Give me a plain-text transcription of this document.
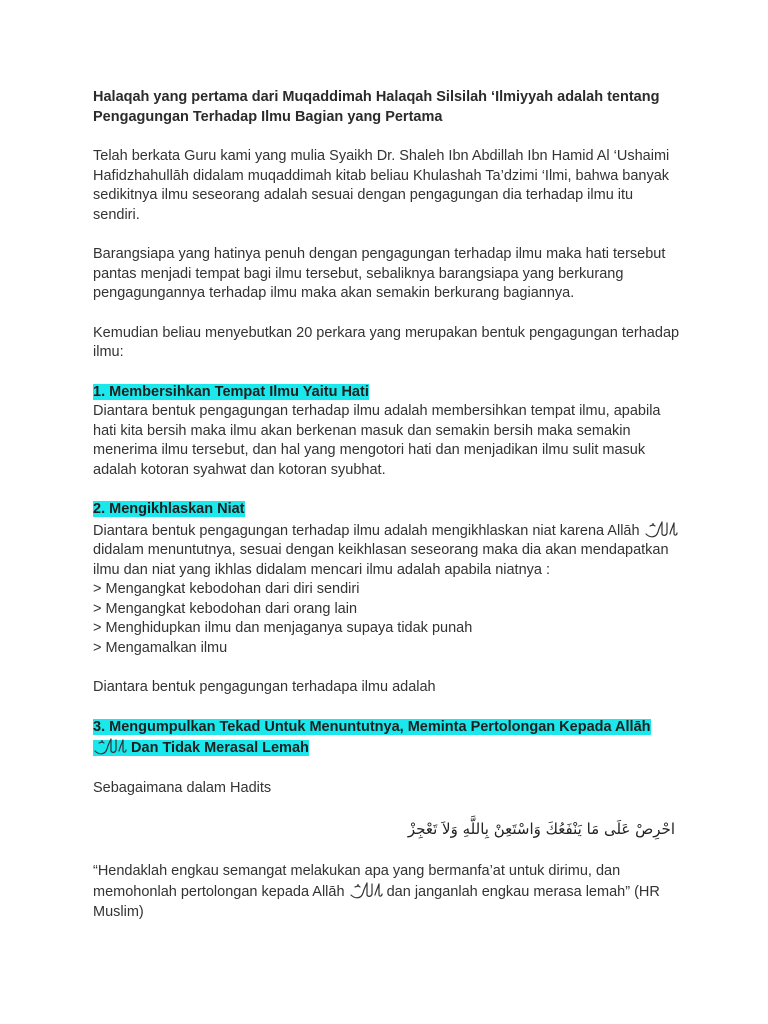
Halaqah yang pertama dari Muqaddimah Halaqah Silsilah ‘Ilmiyyah adalah tentang Pengagungan Terhadap Ilmu Bagian yang Pertama

Telah berkata Guru kami yang mulia Syaikh Dr. Shaleh Ibn Abdillah Ibn Hamid Al ‘Ushaimi Hafidzhahullāh didalam muqaddimah kitab beliau Khulashah Ta’dzimi ‘Ilmi, bahwa banyak sedikitnya ilmu seseorang adalah sesuai dengan pengagungan dia terhadap ilmu itu sendiri.

Barangsiapa yang hatinya penuh dengan pengagungan terhadap ilmu maka hati tersebut pantas menjadi tempat bagi ilmu tersebut, sebaliknya barangsiapa yang berkurang pengagungannya terhadap ilmu maka akan semakin berkurang bagiannya.

Kemudian beliau menyebutkan 20 perkara yang merupakan bentuk pengagungan terhadap ilmu:

1. Membersihkan Tempat Ilmu Yaitu Hati
Diantara bentuk pengagungan terhadap ilmu adalah membersihkan tempat ilmu, apabila hati kita bersih maka ilmu akan berkenan masuk dan semakin bersih maka semakin menerima ilmu tersebut, dan hal yang mengotori hati dan menjadikan ilmu sulit masuk adalah kotoran syahwat dan kotoran syubhat.
2. Mengikhlaskan Niat
Diantara bentuk pengagungan terhadap ilmu adalah mengikhlaskan niat karena Allāh
didalam menuntutnya, sesuai dengan keikhlasan seseorang maka dia akan mendapatkan ilmu dan niat yang ikhlas didalam mencari ilmu adalah apabila niatnya :
> Mengangkat kebodohan dari diri sendiri
> Mengangkat kebodohan dari orang lain
> Menghidupkan ilmu dan menjaganya supaya tidak punah
> Mengamalkan ilmu

Diantara bentuk pengagungan terhadapa ilmu adalah

3. Mengumpulkan Tekad Untuk Menuntutnya, Meminta Pertolongan Kepada Allāh
Dan Tidak Merasal Lemah

Sebagaimana dalam Hadits

احْرِصْ عَلَى مَا يَنْفَعُكَ وَاسْتَعِنْ بِاللَّهِ وَلاَ تَعْجِزْ
“Hendaklah engkau semangat melakukan apa yang bermanfa’at untuk dirimu, dan memohonlah pertolongan kepada Allāh	dan janganlah engkau merasa lemah” (HR Muslim)
